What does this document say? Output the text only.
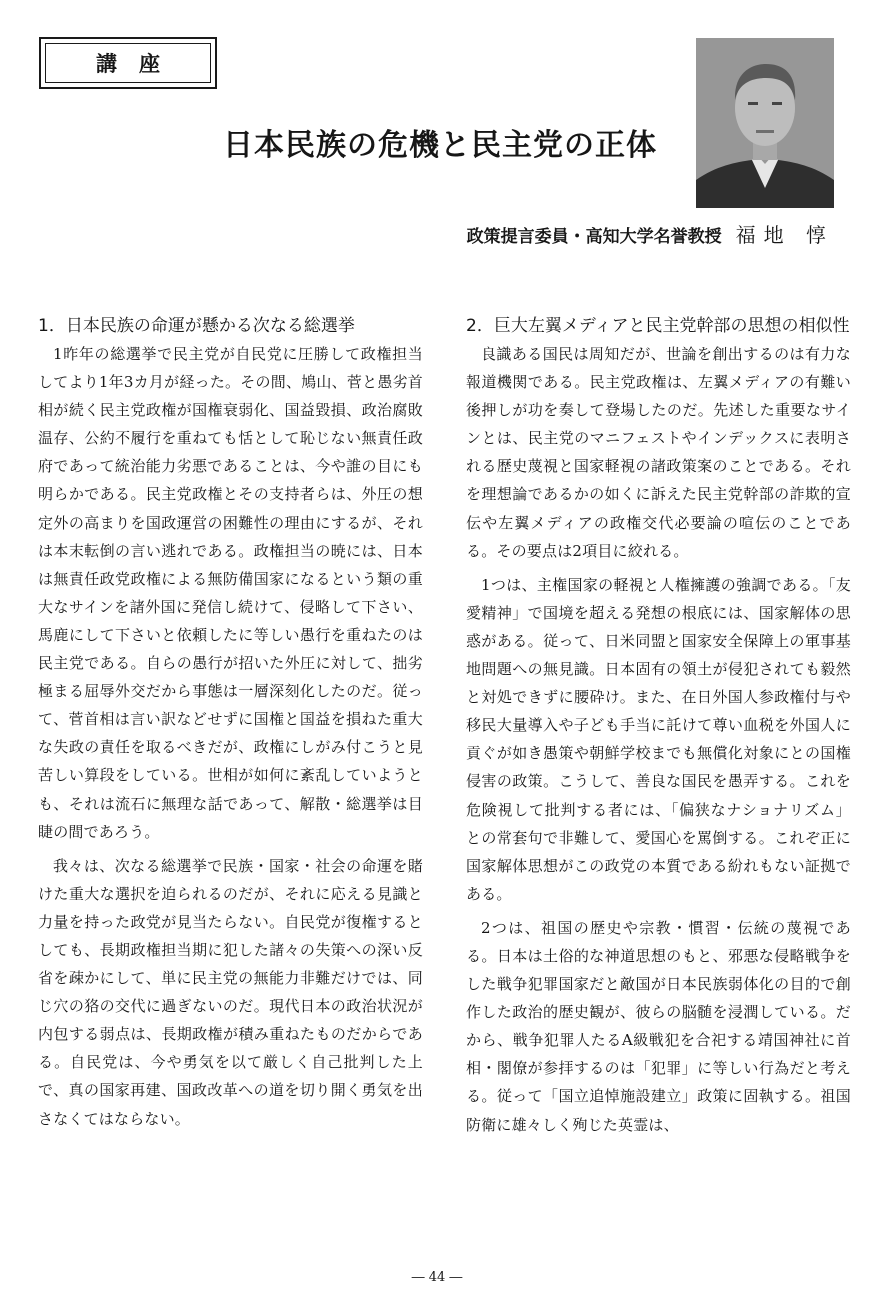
講座
日本民族の危機と民主党の正体
政策提言委員・高知大学名誉教授 福地 惇
1．日本民族の命運が懸かる次なる総選挙

1昨年の総選挙で民主党が自民党に圧勝して政権担当してより1年3カ月が経った。その間、鳩山、菅と愚劣首相が続く民主党政権が国権衰弱化、国益毀損、政治腐敗温存、公約不履行を重ねても恬として恥じない無責任政府であって統治能力劣悪であることは、今や誰の目にも明らかである。民主党政権とその支持者らは、外圧の想定外の高まりを国政運営の困難性の理由にするが、それは本末転倒の言い逃れである。政権担当の暁には、日本は無責任政党政権による無防備国家になるという類の重大なサインを諸外国に発信し続けて、侵略して下さい、馬鹿にして下さいと依頼したに等しい愚行を重ねたのは民主党である。自らの愚行が招いた外圧に対して、拙劣極まる屈辱外交だから事態は一層深刻化したのだ。従って、菅首相は言い訳などせずに国権と国益を損ねた重大な失政の責任を取るべきだが、政権にしがみ付こうと見苦しい算段をしている。世相が如何に紊乱していようとも、それは流石に無理な話であって、解散・総選挙は目睫の間であろう。

我々は、次なる総選挙で民族・国家・社会の命運を賭けた重大な選択を迫られるのだが、それに応える見識と力量を持った政党が見当たらない。自民党が復権するとしても、長期政権担当期に犯した諸々の失策への深い反省を疎かにして、単に民主党の無能力非難だけでは、同じ穴の狢の交代に過ぎないのだ。現代日本の政治状況が内包する弱点は、長期政権が積み重ねたものだからである。自民党は、今や勇気を以て厳しく自己批判した上で、真の国家再建、国政改革への道を切り開く勇気を出さなくてはならない。

2．巨大左翼メディアと民主党幹部の思想の相似性

良識ある国民は周知だが、世論を創出するのは有力な報道機関である。民主党政権は、左翼メディアの有難い後押しが功を奏して登場したのだ。先述した重要なサインとは、民主党のマニフェストやインデックスに表明される歴史蔑視と国家軽視の諸政策案のことである。それを理想論であるかの如くに訴えた民主党幹部の詐欺的宣伝や左翼メディアの政権交代必要論の喧伝のことである。その要点は2項目に絞れる。

1つは、主権国家の軽視と人権擁護の強調である。「友愛精神」で国境を超える発想の根底には、国家解体の思惑がある。従って、日米同盟と国家安全保障上の軍事基地問題への無見識。日本固有の領土が侵犯されても毅然と対処できずに腰砕け。また、在日外国人参政権付与や移民大量導入や子ども手当に託けて尊い血税を外国人に貢ぐが如き愚策や朝鮮学校までも無償化対象にとの国権侵害の政策。こうして、善良な国民を愚弄する。これを危険視して批判する者には、「偏狭なナショナリズム」との常套句で非難して、愛国心を罵倒する。これぞ正に国家解体思想がこの政党の本質である紛れもない証拠である。

2つは、祖国の歴史や宗教・慣習・伝統の蔑視である。日本は土俗的な神道思想のもと、邪悪な侵略戦争をした戦争犯罪国家だと敵国が日本民族弱体化の目的で創作した政治的歴史観が、彼らの脳髄を浸潤している。だから、戦争犯罪人たるA級戦犯を合祀する靖国神社に首相・閣僚が参拝するのは「犯罪」に等しい行為だと考える。従って「国立追悼施設建立」政策に固執する。祖国防衛に雄々しく殉じた英霊は、

― 44 ―
